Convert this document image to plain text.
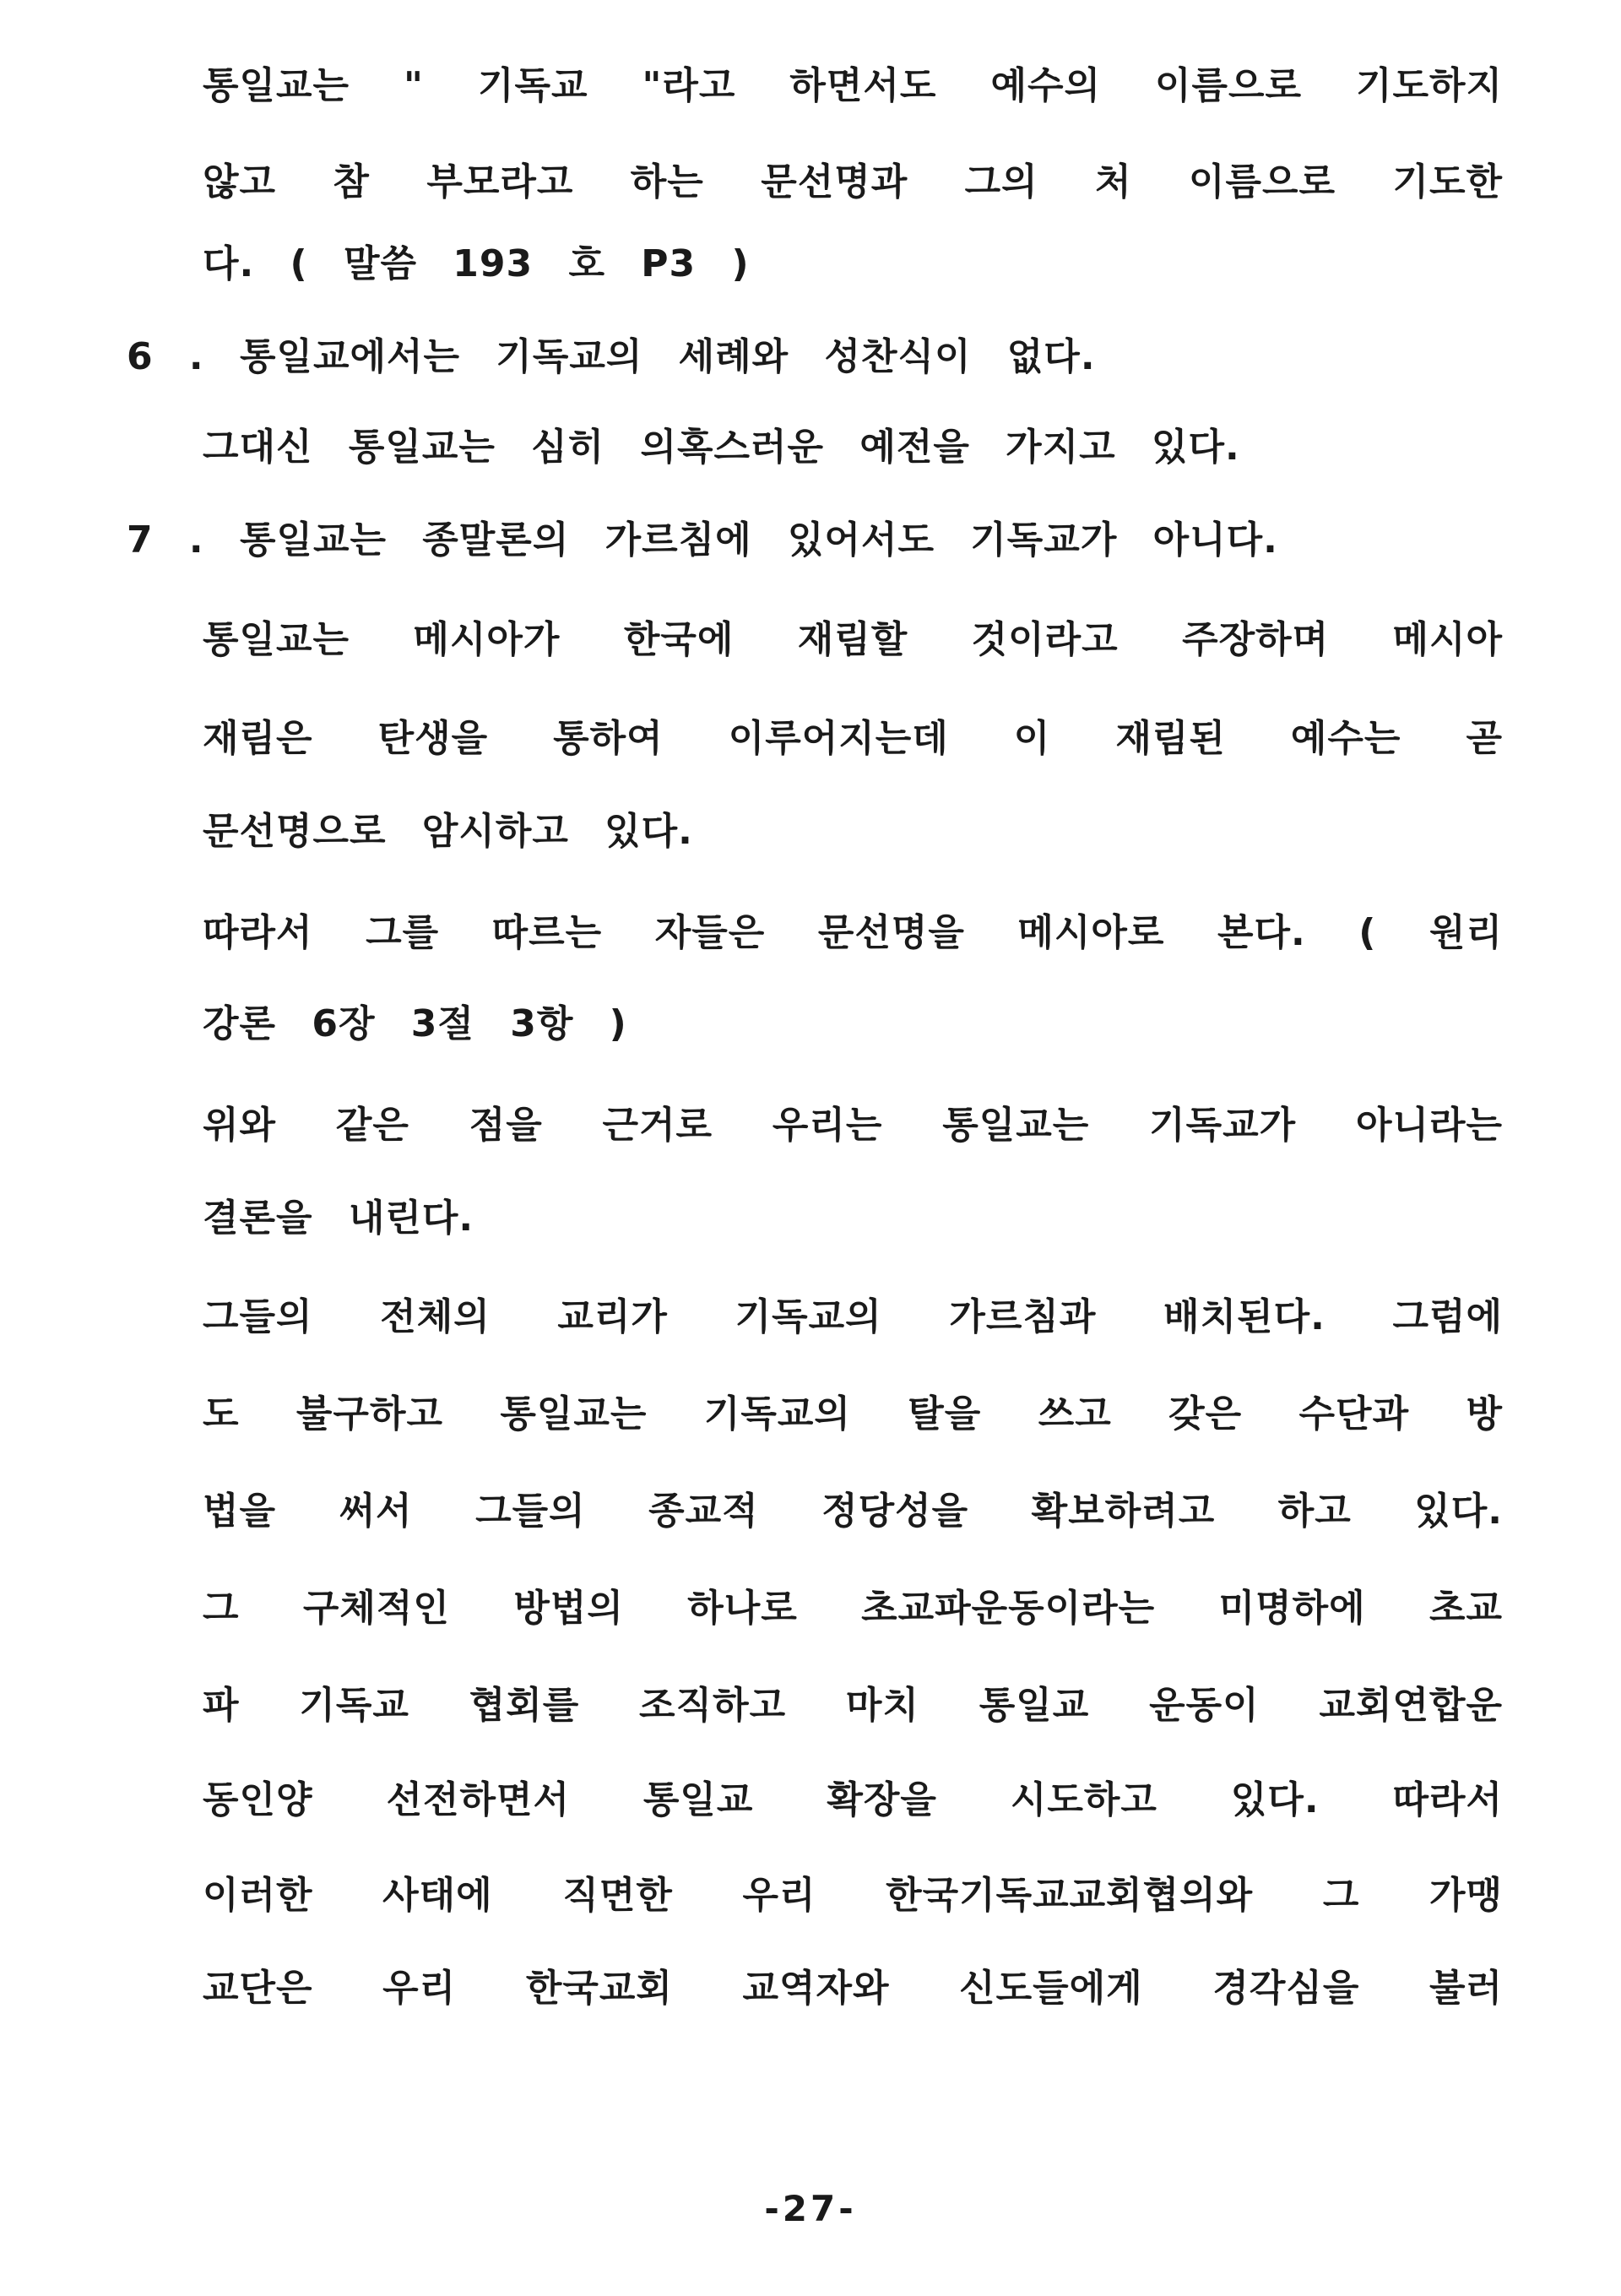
통일교는 " 기독교 "라고 하면서도 예수의 이름으로 기도하지
않고 참 부모라고 하는 문선명과 그의 처 이름으로 기도한
다. ( 말씀 193 호 P3 )
6 . 통일교에서는 기독교의 세례와 성찬식이 없다.
그대신 통일교는 심히 의혹스러운 예전을 가지고 있다.
7 . 통일교는 종말론의 가르침에 있어서도 기독교가 아니다.
통일교는 메시아가 한국에 재림할 것이라고 주장하며 메시아
재림은 탄생을 통하여 이루어지는데 이 재림된 예수는 곧
문선명으로 암시하고 있다.
따라서 그를 따르는 자들은 문선명을 메시아로 본다. ( 원리
강론 6장 3절 3항 )
위와 같은 점을 근거로 우리는 통일교는 기독교가 아니라는
결론을 내린다.
그들의 전체의 교리가 기독교의 가르침과 배치된다. 그럼에
도 불구하고 통일교는 기독교의 탈을 쓰고 갖은 수단과 방
법을 써서 그들의 종교적 정당성을 확보하려고 하고 있다.
그 구체적인 방법의 하나로 초교파운동이라는 미명하에 초교
파 기독교 협회를 조직하고 마치 통일교 운동이 교회연합운
동인양 선전하면서 통일교 확장을 시도하고 있다. 따라서
이러한 사태에 직면한 우리 한국기독교교회협의와 그 가맹
교단은 우리 한국교회 교역자와 신도들에게 경각심을 불러
-27-
